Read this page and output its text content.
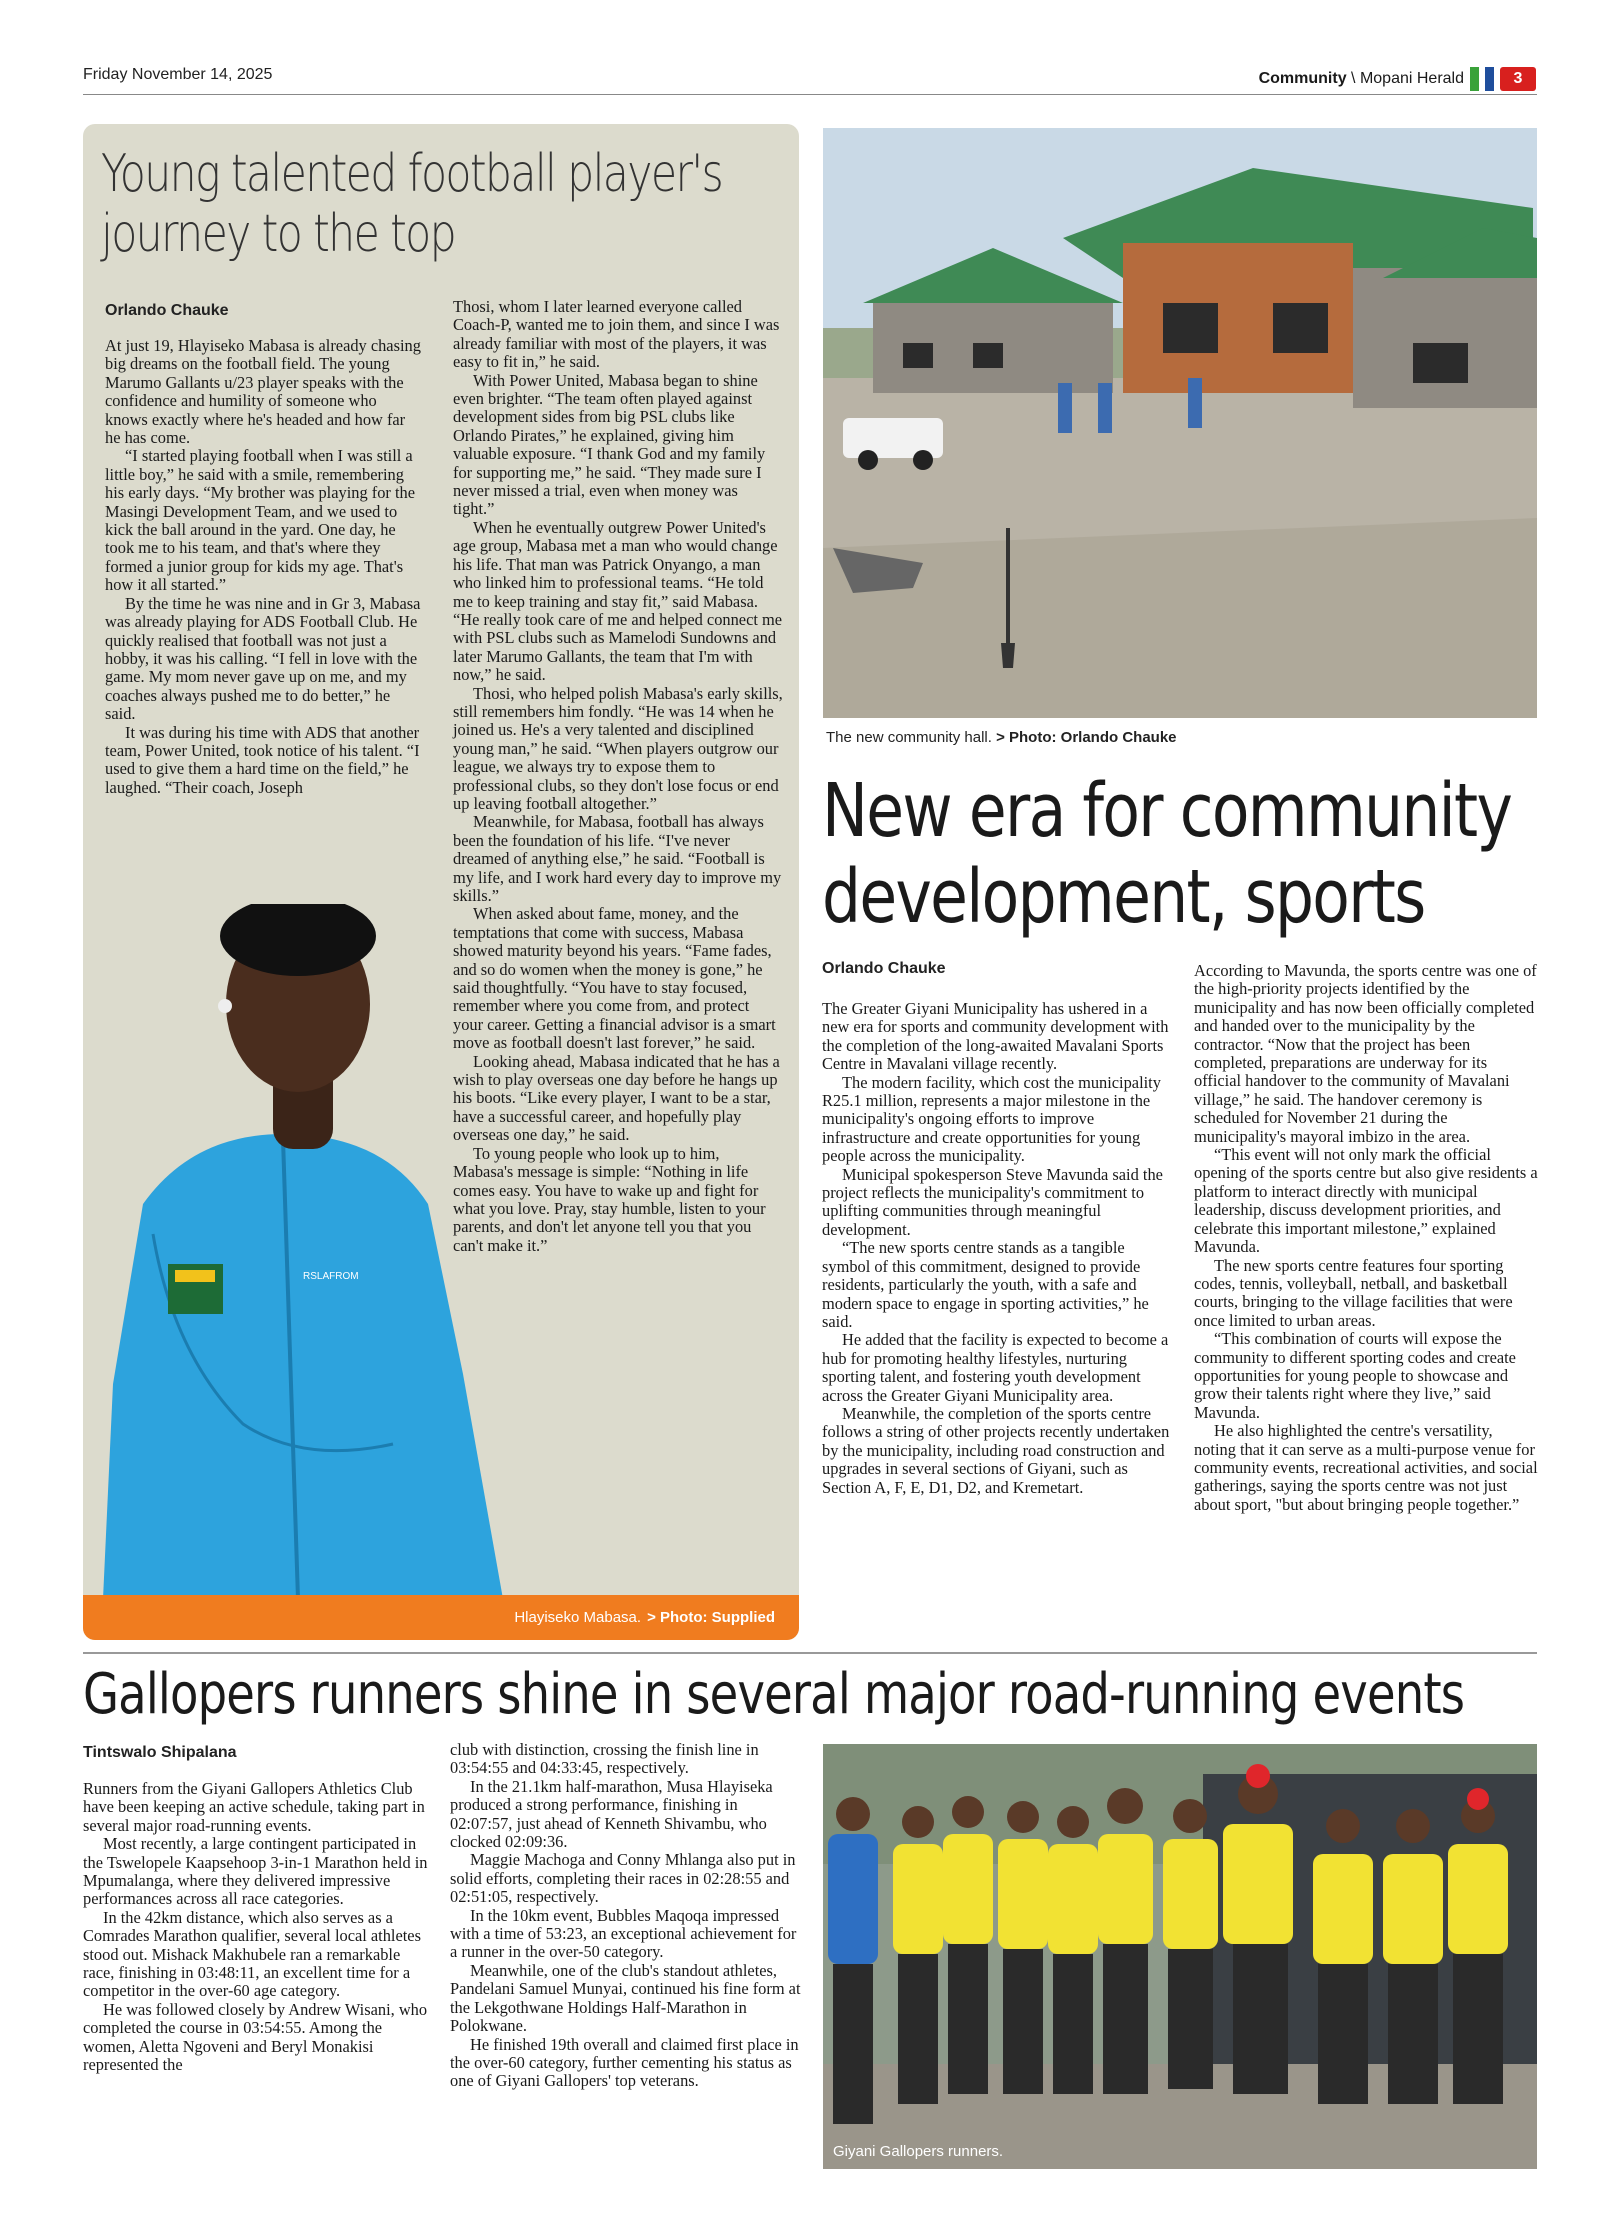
Friday November 14, 2025	Community \ Mopani Herald	3
Young talented football player's
journey to the top
Orlando Chauke

At just 19, Hlayiseko Mabasa is already chasing big dreams on the football field. The young Marumo Gallants u/23 player speaks with the confidence and humility of someone who knows exactly where he's headed and how far he has come.

“I started playing football when I was still a little boy,” he said with a smile, remembering his early days. “My brother was playing for the Masingi Development Team, and we used to kick the ball around in the yard. One day, he took me to his team, and that's where they formed a junior group for kids my age. That's how it all started.”

By the time he was nine and in Gr 3, Mabasa was already playing for ADS Football Club. He quickly realised that football was not just a hobby, it was his calling. “I fell in love with the game. My mom never gave up on me, and my coaches always pushed me to do better,” he said.

It was during his time with ADS that another team, Power United, took notice of his talent. “I used to give them a hard time on the field,” he laughed. “Their coach, Joseph

RSLAFROM

Thosi, whom I later learned everyone called Coach-P, wanted me to join them, and since I was already familiar with most of the players, it was easy to fit in,” he said.

With Power United, Mabasa began to shine even brighter. “The team often played against development sides from big PSL clubs like Orlando Pirates,” he explained, giving him valuable exposure. “I thank God and my family for supporting me,” he said. “They made sure I never missed a trial, even when money was tight.”

When he eventually outgrew Power United's age group, Mabasa met a man who would change his life. That man was Patrick Onyango, a man who linked him to professional teams. “He told me to keep training and stay fit,” said Mabasa. “He really took care of me and helped connect me with PSL clubs such as Mamelodi Sundowns and later Marumo Gallants, the team that I'm with now,” he said.

Thosi, who helped polish Mabasa's early skills, still remembers him fondly. “He was 14 when he joined us. He's a very talented and disciplined young man,” he said. “When players outgrow our league, we always try to expose them to professional clubs, so they don't lose focus or end up leaving football altogether.”

Meanwhile, for Mabasa, football has always been the foundation of his life. “I've never dreamed of anything else,” he said. “Football is my life, and I work hard every day to improve my skills.”

When asked about fame, money, and the temptations that come with success, Mabasa showed maturity beyond his years. “Fame fades, and so do women when the money is gone,” he said thoughtfully. “You have to stay focused, remember where you come from, and protect your career. Getting a financial advisor is a smart move as football doesn't last forever,” he said.

Looking ahead, Mabasa indicated that he has a wish to play overseas one day before he hangs up his boots. “Like every player, I want to be a star, have a successful career, and hopefully play overseas one day,” he said.

To young people who look up to him, Mabasa's message is simple: “Nothing in life comes easy. You have to wake up and fight for what you love. Pray, stay humble, listen to your parents, and don't let anyone tell you that you can't make it.”

Hlayiseko Mabasa. > Photo: Supplied
The new community hall. > Photo: Orlando Chauke
New era for community
development, sports
Orlando Chauke

The Greater Giyani Municipality has ushered in a new era for sports and community development with the completion of the long-awaited Mavalani Sports Centre in Mavalani village recently.

The modern facility, which cost the municipality R25.1 million, represents a major milestone in the municipality's ongoing efforts to improve infrastructure and create opportunities for young people across the municipality.

Municipal spokesperson Steve Mavunda said the project reflects the municipality's commitment to uplifting communities through meaningful development.

“The new sports centre stands as a tangible symbol of this commitment, designed to provide residents, particularly the youth, with a safe and modern space to engage in sporting activities,” he said.

He added that the facility is expected to become a hub for promoting healthy lifestyles, nurturing sporting talent, and fostering youth development across the Greater Giyani Municipality area.

Meanwhile, the completion of the sports centre follows a string of other projects recently undertaken by the municipality, including road construction and upgrades in several sections of Giyani, such as Section A, F, E, D1, D2, and Kremetart.

According to Mavunda, the sports centre was one of the high-priority projects identified by the municipality and has now been officially completed and handed over to the municipality by the contractor. “Now that the project has been completed, preparations are underway for its official handover to the community of Mavalani village,” he said. The handover ceremony is scheduled for November 21 during the municipality's mayoral imbizo in the area.

“This event will not only mark the official opening of the sports centre but also give residents a platform to interact directly with municipal leadership, discuss development priorities, and celebrate this important milestone,” explained Mavunda.

The new sports centre features four sporting codes, tennis, volleyball, netball, and basketball courts, bringing to the village facilities that were once limited to urban areas.

“This combination of courts will expose the community to different sporting codes and create opportunities for young people to showcase and grow their talents right where they live,” said Mavunda.

He also highlighted the centre's versatility, noting that it can serve as a multi-purpose venue for community events, recreational activities, and social gatherings, saying the sports centre was not just about sport, "but about bringing people together.”

Gallopers runners shine in several major road-running events
Tintswalo Shipalana

Runners from the Giyani Gallopers Athletics Club have been keeping an active schedule, taking part in several major road-running events.

Most recently, a large contingent participated in the Tswelopele Kaapsehoop 3-in-1 Marathon held in Mpumalanga, where they delivered impressive performances across all race categories.

In the 42km distance, which also serves as a Comrades Marathon qualifier, several local athletes stood out. Mishack Makhubele ran a remarkable race, finishing in 03:48:11, an excellent time for a competitor in the over-60 age category.

He was followed closely by Andrew Wisani, who completed the course in 03:54:55. Among the women, Aletta Ngoveni and Beryl Monakisi represented the

club with distinction, crossing the finish line in 03:54:55 and 04:33:45, respectively.

In the 21.1km half-marathon, Musa Hlayiseka produced a strong performance, finishing in 02:07:57, just ahead of Kenneth Shivambu, who clocked 02:09:36.

Maggie Machoga and Conny Mhlanga also put in solid efforts, completing their races in 02:28:55 and 02:51:05, respectively.

In the 10km event, Bubbles Maqoqa impressed with a time of 53:23, an exceptional achievement for a runner in the over-50 category.

Meanwhile, one of the club's standout athletes, Pandelani Samuel Munyai, continued his fine form at the Lekgothwane Holdings Half-Marathon in Polokwane.

He finished 19th overall and claimed first place in the over-60 category, further cementing his status as one of Giyani Gallopers' top veterans.

Giyani Gallopers runners.
